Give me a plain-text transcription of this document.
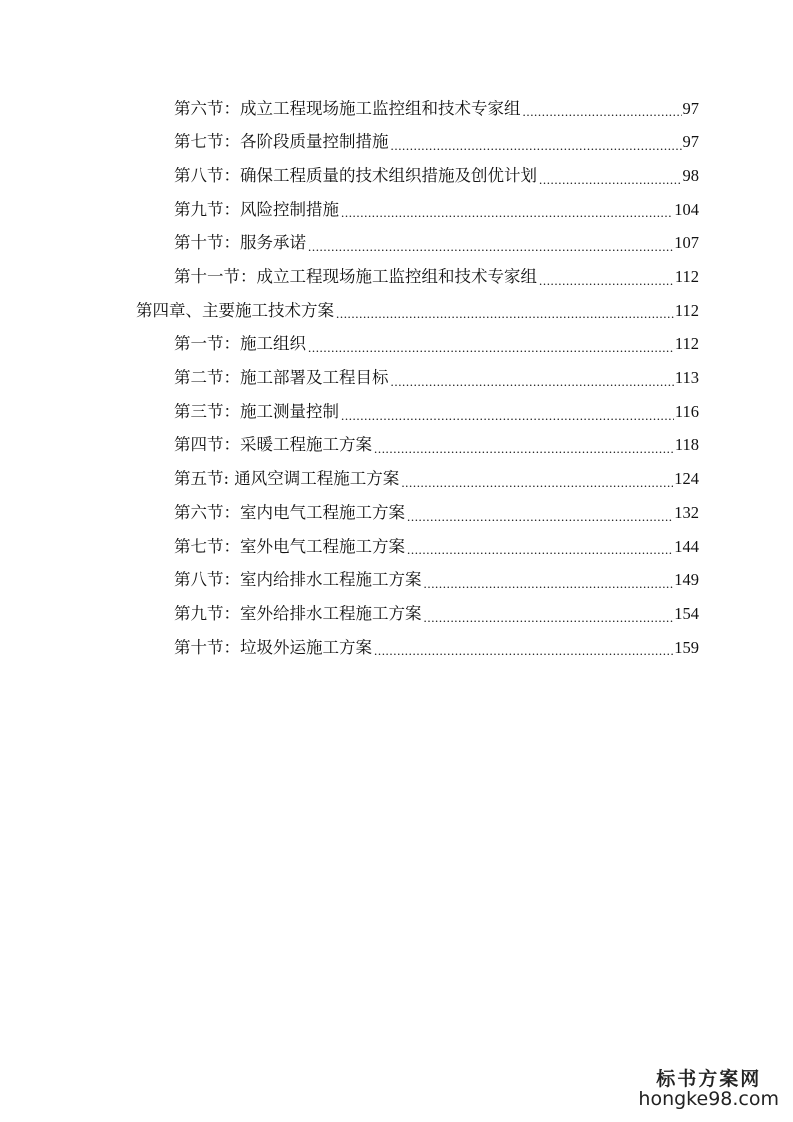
第六节：成立工程现场施工监控组和技术专家组 .....	97
第七节：各阶段质量控制措施 .....	97
第八节：确保工程质量的技术组织措施及创优计划 .....	98
第九节：风险控制措施 .....	104
第十节：服务承诺 .....	107
第十一节：成立工程现场施工监控组和技术专家组 .....	112
第四章、主要施工技术方案 .....	112
第一节：施工组织 .....	112
第二节：施工部署及工程目标 .....	113
第三节：施工测量控制 .....	116
第四节：采暖工程施工方案 .....	118
第五节: 通风空调工程施工方案 .....	124
第六节：室内电气工程施工方案 .....	132
第七节：室外电气工程施工方案 .....	144
第八节：室内给排水工程施工方案 .....	149
第九节：室外给排水工程施工方案 .....	154
第十节：垃圾外运施工方案 .....	159
标书方案网
hongke98.com
